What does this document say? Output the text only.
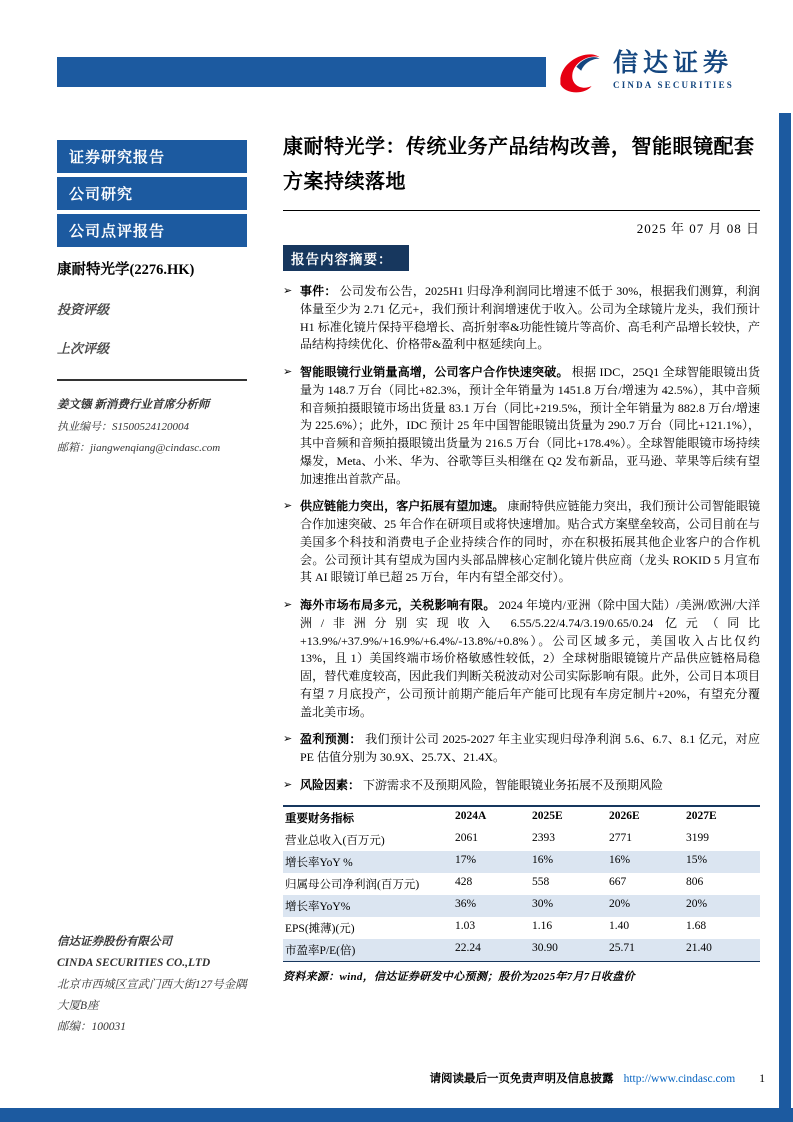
信达证券
CINDA SECURITIES
证券研究报告
公司研究
公司点评报告
康耐特光学(2276.HK)
投资评级
上次评级
姜文镪 新消费行业首席分析师
执业编号：S1500524120004
邮箱：jiangwenqiang@cindasc.com
信达证券股份有限公司
CINDA SECURITIES CO.,LTD
北京市西城区宣武门西大街127号金隅大厦B座
邮编：100031
康耐特光学：传统业务产品结构改善，智能眼镜配套方案持续落地
2025 年 07 月 08 日
报告内容摘要：
➢ 事件： 公司发布公告，2025H1 归母净利润同比增速不低于 30%，根据我们测算，利润体量至少为 2.71 亿元+，我们预计利润增速优于收入。公司为全球镜片龙头，我们预计 H1 标准化镜片保持平稳增长、高折射率&功能性镜片等高价、高毛利产品增长较快，产品结构持续优化、价格带&盈利中枢延续向上。
➢ 智能眼镜行业销量高增，公司客户合作快速突破。 根据 IDC，25Q1 全球智能眼镜出货量为 148.7 万台（同比+82.3%，预计全年销量为 1451.8 万台/增速为 42.5%），其中音频和音频拍摄眼镜市场出货量 83.1 万台（同比+219.5%，预计全年销量为 882.8 万台/增速为 225.6%）；此外，IDC 预计 25 年中国智能眼镜出货量为 290.7 万台（同比+121.1%），其中音频和音频拍摄眼镜出货量为 216.5 万台（同比+178.4%）。全球智能眼镜市场持续爆发，Meta、小米、华为、谷歌等巨头相继在 Q2 发布新品，亚马逊、苹果等后续有望加速推出首款产品。
➢ 供应链能力突出，客户拓展有望加速。 康耐特供应链能力突出，我们预计公司智能眼镜合作加速突破、25 年合作在研项目或将快速增加。贴合式方案壁垒较高，公司目前在与美国多个科技和消费电子企业持续合作的同时，亦在积极拓展其他企业客户的合作机会。公司预计其有望成为国内头部品牌核心定制化镜片供应商（龙头 ROKID 5 月宣布其 AI 眼镜订单已超 25 万台，年内有望全部交付）。
➢ 海外市场布局多元，关税影响有限。 2024 年境内/亚洲（除中国大陆）/美洲/欧洲/大洋洲/非洲分别实现收入 6.55/5.22/4.74/3.19/0.65/0.24 亿元（同比+13.9%/+37.9%/+16.9%/+6.4%/-13.8%/+0.8%）。公司区域多元，美国收入占比仅约 13%，且 1）美国终端市场价格敏感性较低，2）全球树脂眼镜镜片产品供应链格局稳固，替代难度较高，因此我们判断关税波动对公司实际影响有限。此外，公司日本项目有望 7 月底投产，公司预计前期产能后年产能可比现有车房定制片+20%，有望充分覆盖北美市场。
➢ 盈利预测： 我们预计公司 2025-2027 年主业实现归母净利润 5.6、6.7、8.1 亿元，对应 PE 估值分别为 30.9X、25.7X、21.4X。
➢ 风险因素： 下游需求不及预期风险，智能眼镜业务拓展不及预期风险
重要财务指标	2024A	2025E	2026E	2027E
营业总收入(百万元)	2061	2393	2771	3199
增长率YoY %	17%	16%	16%	15%
归属母公司净利润(百万元)	428	558	667	806
增长率YoY%	36%	30%	20%	20%
EPS(摊薄)(元)	1.03	1.16	1.40	1.68
市盈率P/E(倍)	22.24	30.90	25.71	21.40
资料来源：wind，信达证券研发中心预测；股价为2025年7月7日收盘价
请阅读最后一页免责声明及信息披露 http://www.cindasc.com 1
